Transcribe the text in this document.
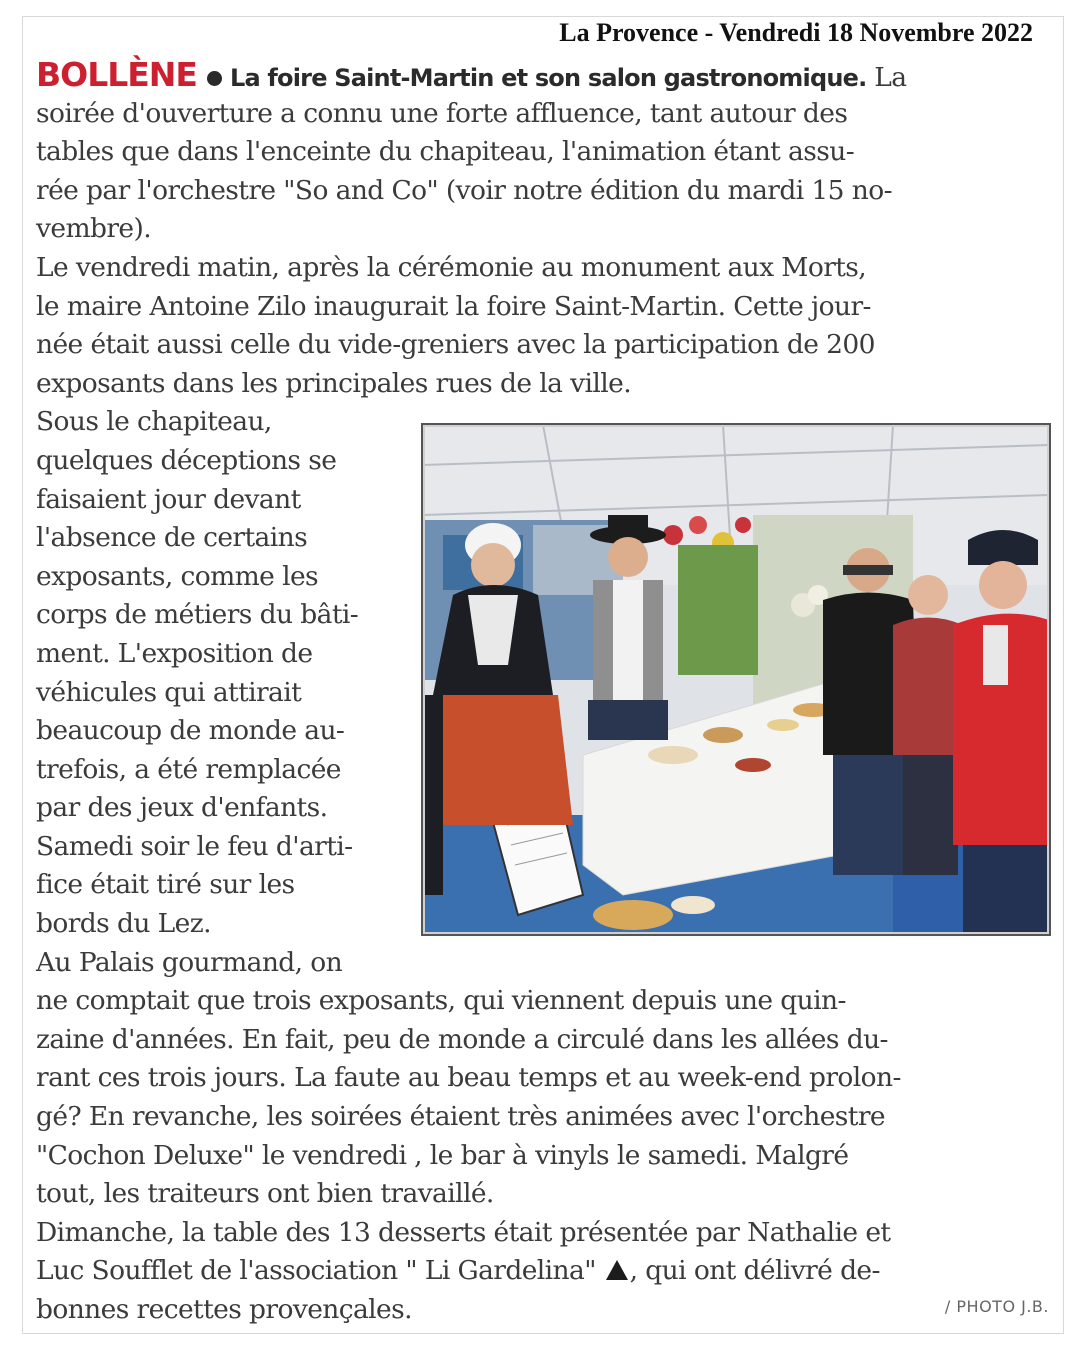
La Provence - Vendredi 18 Novembre 2022
BOLLÈNE La foire Saint-Martin et son salon gastronomique. La
soirée d'ouverture a connu une forte affluence, tant autour des
tables que dans l'enceinte du chapiteau, l'animation étant assu-
rée par l'orchestre "So and Co" (voir notre édition du mardi 15 no-
vembre).
Le vendredi matin, après la cérémonie au monument aux Morts,
le maire Antoine Zilo inaugurait la foire Saint-Martin. Cette jour-
née était aussi celle du vide-greniers avec la participation de 200
exposants dans les principales rues de la ville.
Sous le chapiteau,
quelques déceptions se
faisaient jour devant
l'absence de certains
exposants, comme les
corps de métiers du bâti-
ment. L'exposition de
véhicules qui attirait
beaucoup de monde au-
trefois, a été remplacée
par des jeux d'enfants.
Samedi soir le feu d'arti-
fice était tiré sur les
bords du Lez.
Au Palais gourmand, on
ne comptait que trois exposants, qui viennent depuis une quin-
zaine d'années. En fait, peu de monde a circulé dans les allées du-
rant ces trois jours. La faute au beau temps et au week-end prolon-
gé? En revanche, les soirées étaient très animées avec l'orchestre
"Cochon Deluxe" le vendredi , le bar à vinyls le samedi. Malgré
tout, les traiteurs ont bien travaillé.
Dimanche, la table des 13 desserts était présentée par Nathalie et
Luc Soufflet de l'association " Li Gardelina" , qui ont délivré de-
bonnes recettes provençales.	/ PHOTO J.B.
